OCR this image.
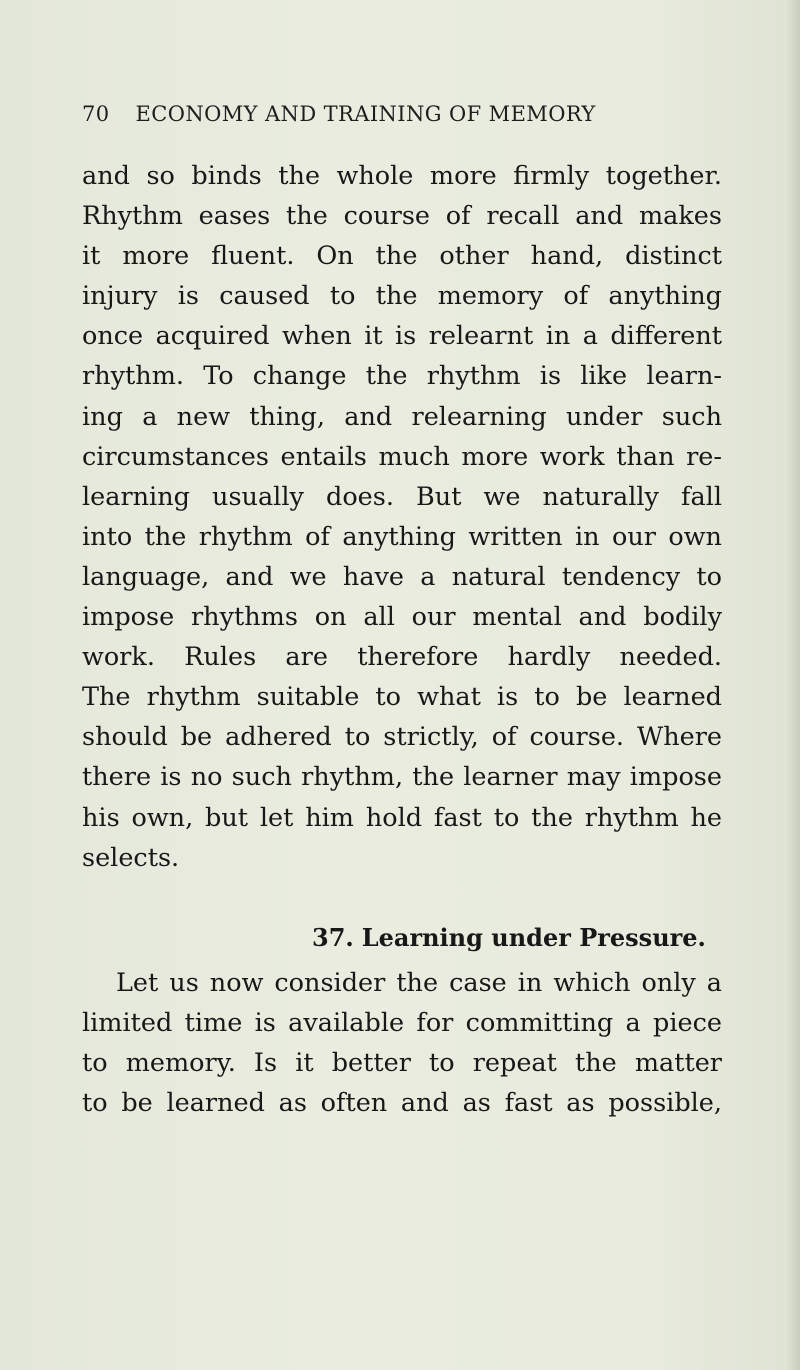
70 ECONOMY AND TRAINING OF MEMORY
and so binds the whole more firmly together.
Rhythm eases the course of recall and makes
it more fluent. On the other hand, distinct
injury is caused to the memory of anything
once acquired when it is relearnt in a different
rhythm. To change the rhythm is like learn-
ing a new thing, and relearning under such
circumstances entails much more work than re-
learning usually does. But we naturally fall
into the rhythm of anything written in our own
language, and we have a natural tendency to
impose rhythms on all our mental and bodily
work. Rules are therefore hardly needed.
The rhythm suitable to what is to be learned
should be adhered to strictly, of course. Where
there is no such rhythm, the learner may impose
his own, but let him hold fast to the rhythm he
selects.
37. Learning under Pressure.
Let us now consider the case in which only a
limited time is available for committing a piece
to memory. Is it better to repeat the matter
to be learned as often and as fast as possible,
